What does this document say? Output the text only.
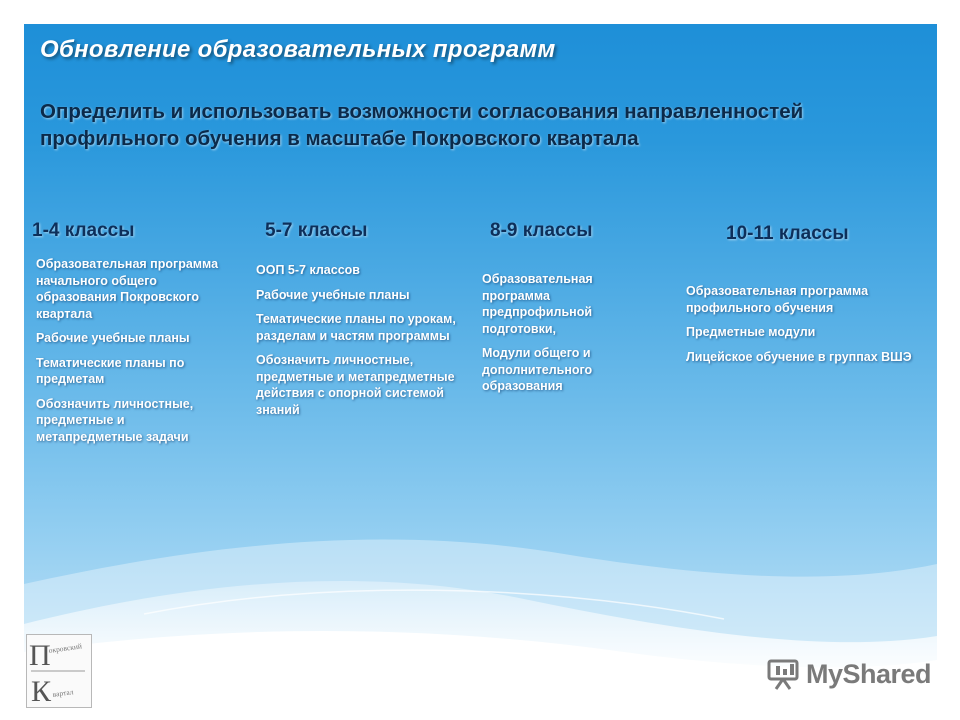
Обновление образовательных программ
Определить и использовать возможности согласования направленностей профильного обучения в масштабе Покровского квартала
1-4 классы
Образовательная программа начального общего образования Покровского квартала
Рабочие учебные планы
Тематические планы по предметам
Обозначить личностные, предметные и метапредметные задачи
5-7 классы
ООП 5-7 классов
Рабочие учебные планы
Тематические планы по урокам, разделам и частям программы
Обозначить личностные, предметные и метапредметные действия с опорной системой знаний
8-9 классы
Образовательная программа предпрофильной подготовки,
Модули общего и дополнительного образования
10-11 классы
Образовательная программа профильного обучения
Предметные модули
Лицейское обучение в группах ВШЭ
П
окровский
К вартал
MyShared
